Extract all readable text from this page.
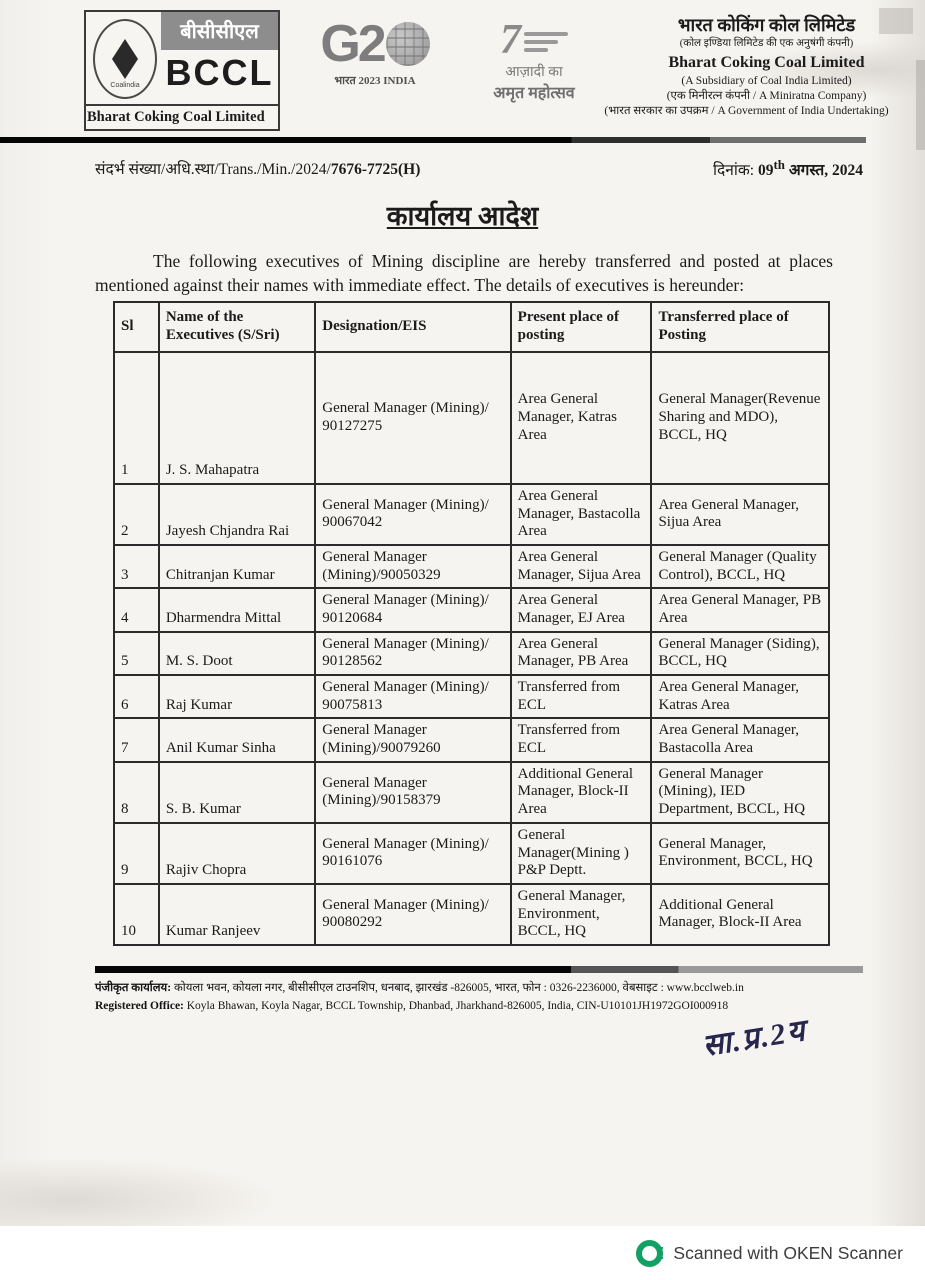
Coalindia
बीसीसीएल
BCCL
Bharat Coking Coal Limited
G2
भारत 2023 INDIA
7
आज़ादी का
अमृत महोत्सव
भारत कोकिंग कोल लिमिटेड
(कोल इण्डिया लिमिटेड की एक अनुषंगी कंपनी)
Bharat Coking Coal Limited
(A Subsidiary of Coal India Limited)
(एक मिनीरत्न कंपनी / A Miniratna Company)
(भारत सरकार का उपक्रम / A Government of India Undertaking)
संदर्भ संख्या/अधि.स्था/Trans./Min./2024/7676-7725(H)	दिनांक: 09th अगस्त, 2024
कार्यालय आदेश
The following executives of Mining discipline are hereby transferred and posted at places mentioned against their names with immediate effect. The details of executives is hereunder:
Sl	Name of the Executives (S/Sri)	Designation/EIS	Present place of posting	Transferred place of Posting
1	J. S. Mahapatra	General Manager (Mining)/ 90127275	Area General Manager, Katras Area	General Manager(Revenue Sharing and MDO), BCCL, HQ
2	Jayesh Chjandra Rai	General Manager (Mining)/ 90067042	Area General Manager, Bastacolla Area	Area General Manager, Sijua Area
3	Chitranjan Kumar	General Manager (Mining)/90050329	Area General Manager, Sijua Area	General Manager (Quality Control), BCCL, HQ
4	Dharmendra Mittal	General Manager (Mining)/ 90120684	Area General Manager, EJ Area	Area General Manager, PB Area
5	M. S. Doot	General Manager (Mining)/ 90128562	Area General Manager, PB Area	General Manager (Siding), BCCL, HQ
6	Raj Kumar	General Manager (Mining)/ 90075813	Transferred from ECL	Area General Manager, Katras Area
7	Anil Kumar Sinha	General Manager (Mining)/90079260	Transferred from ECL	Area General Manager, Bastacolla Area
8	S. B. Kumar	General Manager (Mining)/90158379	Additional General Manager, Block-II Area	General Manager (Mining), IED Department, BCCL, HQ
9	Rajiv Chopra	General Manager (Mining)/ 90161076	General Manager(Mining ) P&P Deptt.	General Manager, Environment, BCCL, HQ
10	Kumar Ranjeev	General Manager (Mining)/ 90080292	General Manager, Environment, BCCL, HQ	Additional General Manager, Block-II Area
पंजीकृत कार्यालय: कोयला भवन, कोयला नगर, बीसीसीएल टाउनशिप, धनबाद, झारखंड -826005, भारत, फोन : 0326-2236000, वेबसाइट : www.bcclweb.in
Registered Office: Koyla Bhawan, Koyla Nagar, BCCL Township, Dhanbad, Jharkhand-826005, India, CIN-U10101JH1972GOI000918
सा.प्र.2य
Scanned with OKEN Scanner
